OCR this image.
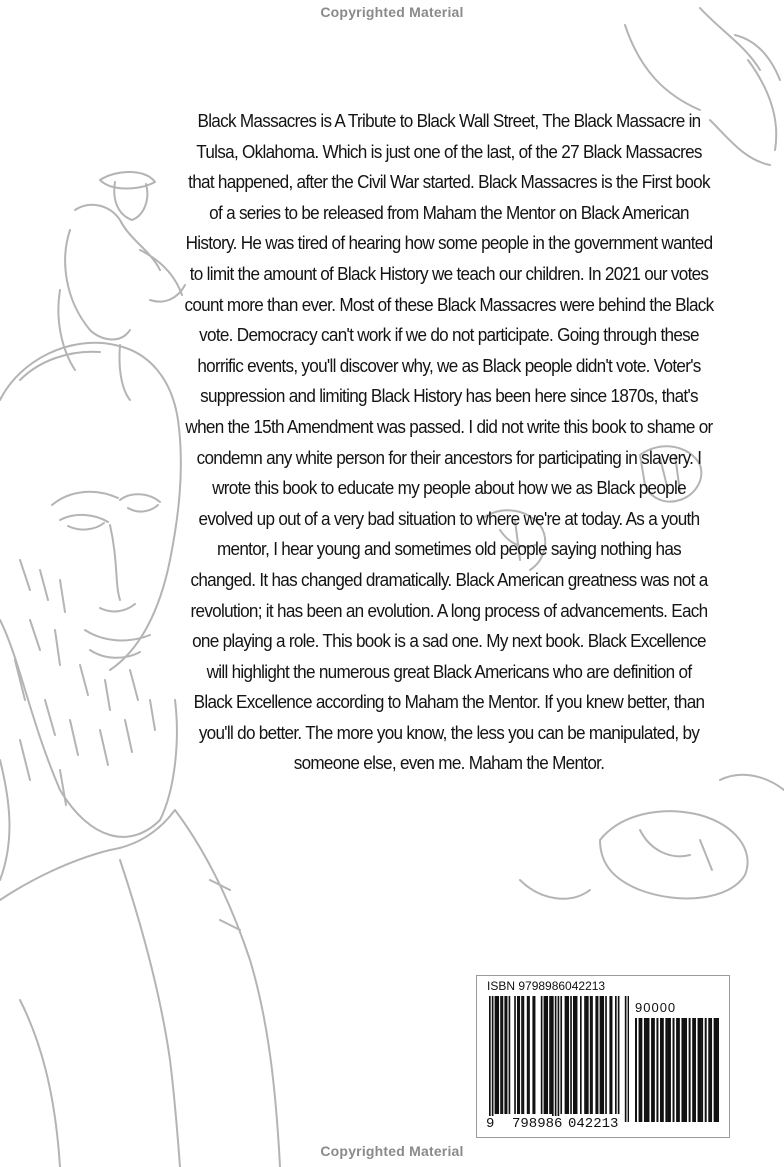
Copyrighted Material
Black Massacres is A Tribute to Black Wall Street, The Black Massacre in
Tulsa, Oklahoma. Which is just one of the last, of the 27 Black Massacres
that happened, after the Civil War started. Black Massacres is the First book
of a series to be released from Maham the Mentor on Black American
History. He was tired of hearing how some people in the government wanted
to limit the amount of Black History we teach our children. In 2021 our votes
count more than ever. Most of these Black Massacres were behind the Black
vote. Democracy can't work if we do not participate. Going through these
horrific events, you'll discover why, we as Black people didn't vote. Voter's
suppression and limiting Black History has been here since 1870s, that's
when the 15th Amendment was passed. I did not write this book to shame or
condemn any white person for their ancestors for participating in slavery. I
wrote this book to educate my people about how we as Black people
evolved up out of a very bad situation to where we're at today. As a youth
mentor, I hear young and sometimes old people saying nothing has
changed. It has changed dramatically. Black American greatness was not a
revolution; it has been an evolution. A long process of advancements. Each
one playing a role. This book is a sad one. My next book. Black Excellence
will highlight the numerous great Black Americans who are definition of
Black Excellence according to Maham the Mentor. If you knew better, than
you'll do better. The more you know, the less you can be manipulated, by
someone else, even me. Maham the Mentor.
ISBN 9798986042213
90000
9 798986 042213
Copyrighted Material
